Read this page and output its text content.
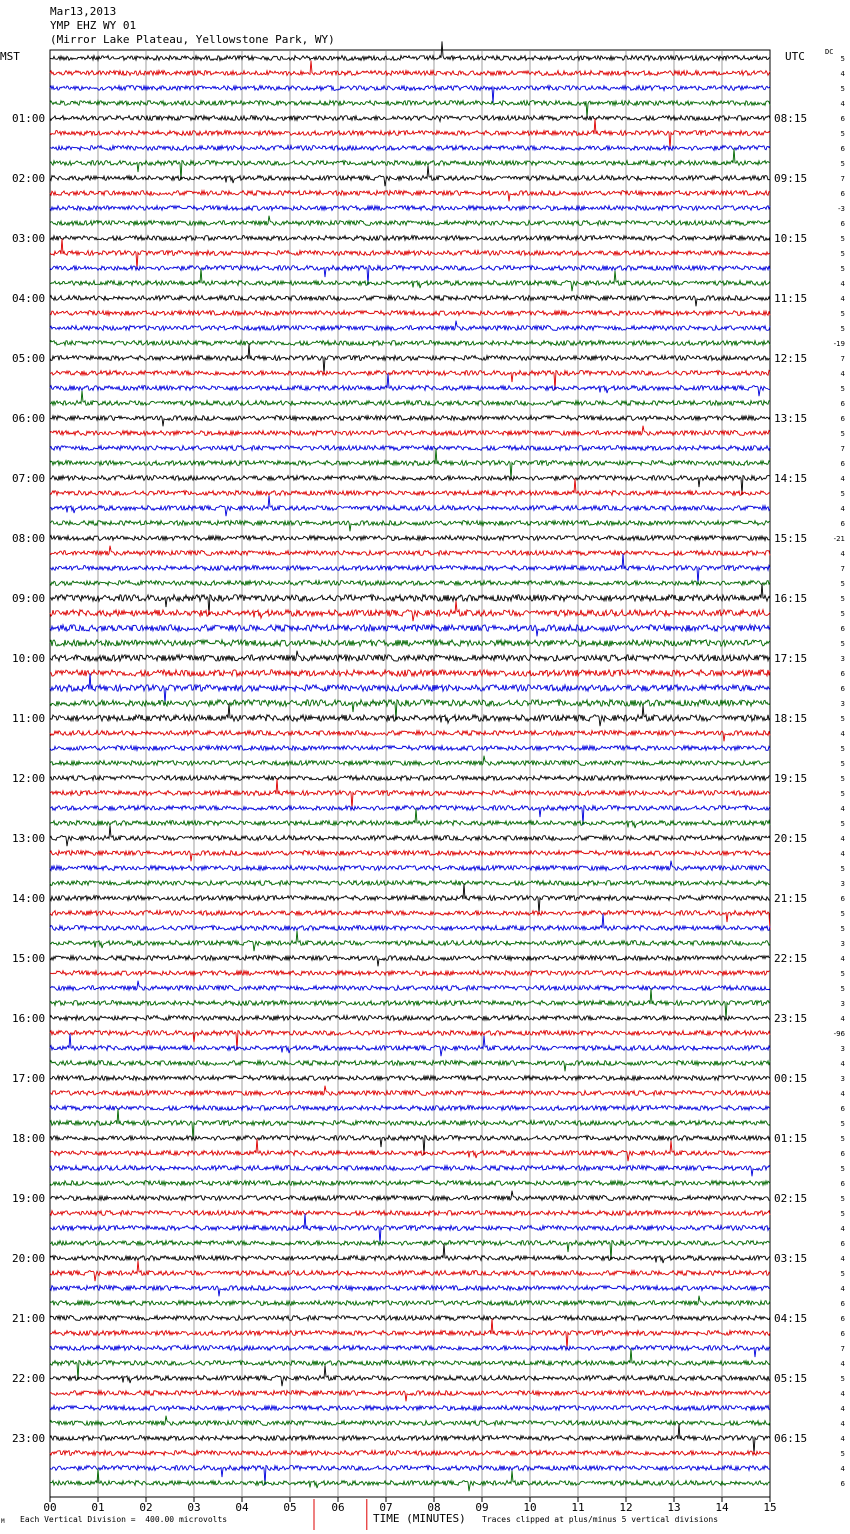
Mar13,2013
YMP EHZ WY 01
(Mirror Lake Plateau, Yellowstone Park, WY)
MST	UTC	DC
01:00
02:00
03:00
04:00
05:00
06:00
07:00
08:00
09:00
10:00
11:00
12:00
13:00
14:00
15:00
16:00
17:00
18:00
19:00
20:00
21:00
22:00
23:00
08:15
09:15
10:15
11:15
12:15
13:15
14:15
15:15
16:15
17:15
18:15
19:15
20:15
21:15
22:15
23:15
00:15
01:15
02:15
03:15
04:15
05:15
06:15
5
4
5
4
6
5
6
5
7
6
-3
6
5
5
5
4
4
5
5
-19
7
4
5
6
6
5
7
6
4
5
4
6
-21
4
7
5
5
5
6
5
3
6
6
3
5
4
5
5
5
5
4
5
4
4
5
3
6
5
5
3
4
5
5
3
4
-96
3
4
3
4
6
5
5
6
5
6
5
5
4
6
4
5
4
6
6
6
7
4
5
4
4
4
4
5
4
6
00	01	02	03	04	05	06	07	08	09	10	11	12	13	14	15
Each Vertical Division =  400.00 microvolts	TIME (MINUTES) Traces clipped at plus/minus 5 vertical divisions
M
